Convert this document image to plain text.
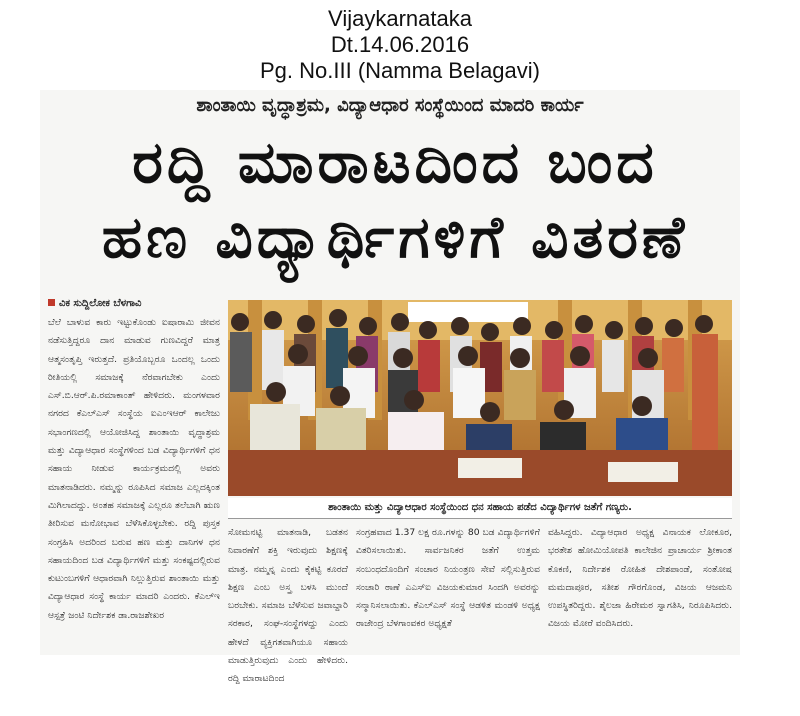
Vijaykarnataka
Dt.14.06.2016
Pg. No.III (Namma Belagavi)
ಶಾಂತಾಯಿ ವೃದ್ಧಾಶ್ರಮ, ವಿದ್ಯಾಆಧಾರ ಸಂಸ್ಥೆಯಿಂದ ಮಾದರಿ ಕಾರ್ಯ
ರದ್ದಿ ಮಾರಾಟದಿಂದ ಬಂದ
ಹಣ ವಿದ್ಯಾರ್ಥಿಗಳಿಗೆ ವಿತರಣೆ
ವಿಕ ಸುದ್ದಿಲೋಕ ಬೆಳಗಾವಿ

ಬೆಲೆ ಬಾಳುವ ಕಾರು ಇಟ್ಟುಕೊಂಡು ಐಷಾರಾಮಿ ಜೀವನ ನಡೆಸುತ್ತಿದ್ದರೂ ದಾನ ಮಾಡುವ ಗುಣವಿದ್ದರೆ ಮಾತ್ರ ಆತ್ಮಸಂತೃಪ್ತಿ ಇರುತ್ತದೆ. ಪ್ರತಿಯೊಬ್ಬರೂ ಒಂದಲ್ಲ ಒಂದು ರೀತಿಯಲ್ಲಿ ಸಮಾಜಕ್ಕೆ ನೆರವಾಗಬೇಕು ಎಂದು ಎಸ್.ಬಿ.ಆರ್.ಪಿ.ರಮಾಕಾಂತ್ ಹೇಳಿದರು. ಮಂಗಳವಾರ ನಗರದ ಕೆಎಲ್‌ಎಸ್ ಸಂಸ್ಥೆಯ ಐಎಂಇಆರ್ ಕಾಲೇಜು ಸಭಾಂಗಣದಲ್ಲಿ ಆಯೋಜಿಸಿದ್ದ ಶಾಂತಾಯಿ ವೃದ್ಧಾಶ್ರಮ ಮತ್ತು ವಿದ್ಯಾಆಧಾರ ಸಂಸ್ಥೆಗಳಿಂದ ಬಡ ವಿದ್ಯಾರ್ಥಿಗಳಿಗೆ ಧನ ಸಹಾಯ ನೀಡುವ ಕಾರ್ಯಕ್ರಮದಲ್ಲಿ ಅವರು ಮಾತನಾಡಿದರು. ನಮ್ಮನ್ನು ರೂಪಿಸಿದ ಸಮಾಜ ಎಲ್ಲದಕ್ಕಿಂತ ಮಿಗಿಲಾದದ್ದು. ಅಂತಹ ಸಮಾಜಕ್ಕೆ ಎಲ್ಲರೂ ತಲೆಬಾಗಿ ಋಣ ತೀರಿಸುವ ಮನೋಭಾವ ಬೆಳೆಸಿಕೊಳ್ಳಬೇಕು. ರದ್ದಿ ಪುಸ್ತಕ ಸಂಗ್ರಹಿಸಿ ಅದರಿಂದ ಬರುವ ಹಣ ಮತ್ತು ದಾನಿಗಳ ಧನ ಸಹಾಯದಿಂದ ಬಡ ವಿದ್ಯಾರ್ಥಿಗಳಿಗೆ ಮತ್ತು ಸಂಕಷ್ಟದಲ್ಲಿರುವ ಕುಟುಂಬಗಳಿಗೆ ಆಧಾರವಾಗಿ ನಿಲ್ಲುತ್ತಿರುವ ಶಾಂತಾಯಿ ಮತ್ತು ವಿದ್ಯಾಆಧಾರ ಸಂಸ್ಥೆ ಕಾರ್ಯ ಮಾದರಿ ಎಂದರು. ಕೆಎಲ್‌ಇ ಆಸ್ಪತ್ರೆ ಜಂಟಿ ನಿರ್ದೇಶಕ ಡಾ.ರಾಜಶೇಖರ

ಶಾಂತಾಯಿ ಮತ್ತು ವಿದ್ಯಾಆಧಾರ ಸಂಸ್ಥೆಯಿಂದ ಧನ ಸಹಾಯ ಪಡೆದ ವಿದ್ಯಾರ್ಥಿಗಳ ಜತೆಗೆ ಗಣ್ಯರು.

ಸೋಮನಟ್ಟಿ ಮಾತನಾಡಿ, ಬಡತನ ನಿವಾರಣೆಗೆ ಶಕ್ತಿ ಇರುವುದು ಶಿಕ್ಷಣಕ್ಕೆ ಮಾತ್ರ. ನಮ್ಮನ್ನ ಎಂದು ಕೈಕಟ್ಟಿ ಕೂರದೆ ಶಿಕ್ಷಣ ಎಂಬ ಅಸ್ತ್ರ ಬಳಸಿ ಮುಂದೆ ಬರಬೇಕು. ಸಮಾಜ ಬೆಳೆಸುವ ಜವಾಬ್ದಾರಿ ಸರಕಾರ, ಸಂಘ-ಸಂಸ್ಥೆಗಳದ್ದು ಎಂದು ಹೇಳದೆ ವ್ಯಕ್ತಿಗತವಾಗಿಯೂ ಸಹಾಯ ಮಾಡುತ್ತಿರುವುದು ಎಂದು ಹೇಳಿದರು. ರದ್ದಿ ಮಾರಾಟದಿಂದ

ಸಂಗ್ರಹವಾದ 1.37 ಲಕ್ಷ ರೂ.ಗಳನ್ನು 80 ಬಡ ವಿದ್ಯಾರ್ಥಿಗಳಿಗೆ ವಿತರಿಸಲಾಯಿತು. ಸಾರ್ವಜನಿಕರ ಜತೆಗೆ ಉತ್ತಮ ಸಂಬಂಧದೊಂದಿಗೆ ಸಂಚಾರ ನಿಯಂತ್ರಣ ಸೇವೆ ಸಲ್ಲಿಸುತ್ತಿರುವ ಸಂಚಾರಿ ಠಾಣೆ ಎಎಸ್ಐ ವಿಜಯಕುಮಾರ ಸಿಂದಗಿ ಅವರನ್ನು ಸನ್ಮಾನಿಸಲಾಯಿತು. ಕೆಎಲ್‌ಎಸ್ ಸಂಸ್ಥೆ ಆಡಳಿತ ಮಂಡಳಿ ಅಧ್ಯಕ್ಷ ರಾಜೇಂದ್ರ ಬೆಳಗಾಂವಕರ ಅಧ್ಯಕ್ಷತೆ

ವಹಿಸಿದ್ದರು. ವಿದ್ಯಾಆಧಾರ ಅಧ್ಯಕ್ಷ ವಿನಾಯಕ ಲೋಕೂರ, ಭರತೇಶ ಹೋಮಿಯೋಪತಿ ಕಾಲೇಜಿನ ಪ್ರಾಚಾರ್ಯ ಶ್ರೀಕಾಂತ ಕೊಕಣಿ, ನಿರ್ದೇಶಕ ರೋಹಿತ ದೇಶಪಾಂಡೆ, ಸಂತೋಷ ಮಮದಾಪೂರ, ಸತೀಶ ಗೌರಗೊಂಡ, ವಿಜಯ ಆಜಮನಿ ಉಪಸ್ಥಿತರಿದ್ದರು. ಶೈಲಜಾ ಹಿರೇಮಠ ಸ್ವಾಗತಿಸಿ, ನಿರೂಪಿಸಿದರು. ವಿಜಯ ಮೋರೆ ವಂದಿಸಿದರು.
